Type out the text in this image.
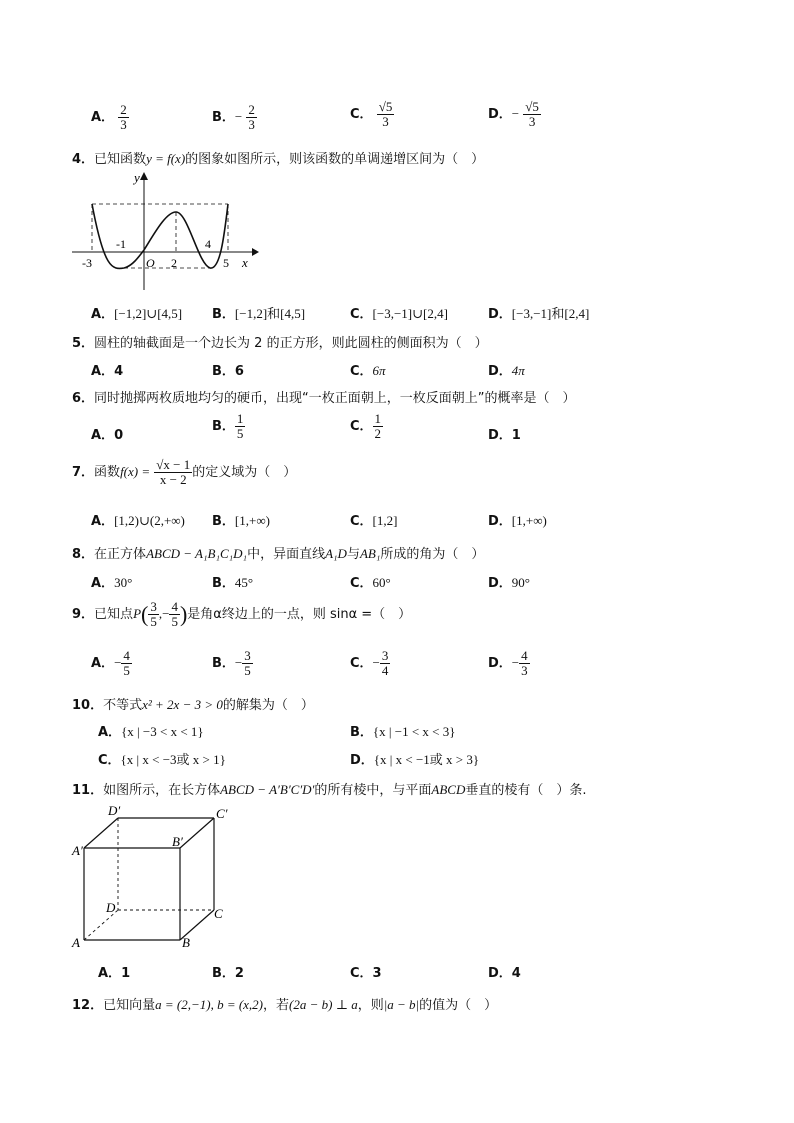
A． $\frac{2}{3}$	B．− $\frac{2}{3}$	C． $\frac{√5}{3}$	D．− $\frac{√5}{3}$
4．已知函数y = f(x)的图象如图所示，则该函数的单调递增区间为（　）
y
x
O
-3
-1
2
4
5
A．[−1,2]∪[4,5] B．[−1,2]和[4,5]	C．[−3,−1]∪[2,4]	D．[−3,−1]和[2,4]
5．圆柱的轴截面是一个边长为 2 的正方形，则此圆柱的侧面积为（　）
A．4	B．6	C．6π	D．4π
6．同时抛掷两枚质地均匀的硬币，出现“一枚正面朝上，一枚反面朝上”的概率是（　）
A．0
B． $\frac{1}{5}$	C． $\frac{1}{2}$	D．1
7．函数$f(x) = \frac{√x - 1}{x - 2}$ 的定义域为（　）
A．[1,2)∪(2,+∞) B．[1,+∞)	C．[1,2]	D．[1,+∞)
8．在正方体ABCD − A₁B₁C₁D₁中，异面直线A₁D与AB₁所成的角为（　）
A．30°	B．45°	C．60°	D．90°
9．已知点$P( \frac{3}{5}$ ,− $\frac{4}{5}$ )是角α终边上的一点，则 sinα =（　）
A．− $\frac{4}{5}$	B．− $\frac{3}{5}$	C．− $\frac{3}{4}$	D．− $\frac{4}{3}$
10．不等式x² + 2x − 3 > 0的解集为（　）
A．{x | −3 < x < 1}	B．{x | −1 < x < 3}
C．{x | x < −3或 x > 1}	D．{x | x < −1或 x > 3}
11．如图所示，在长方体ABCD − A′B′C′D′的所有棱中，与平面ABCD垂直的棱有（　）条.
D′	C′
A′
B′
D	C
A	B
A．1	B．2	C．3	D．4
12．已知向量a = (2,−1), b = (x,2)，若(2a − b) ⊥ a，则|a − b|的值为（　）
